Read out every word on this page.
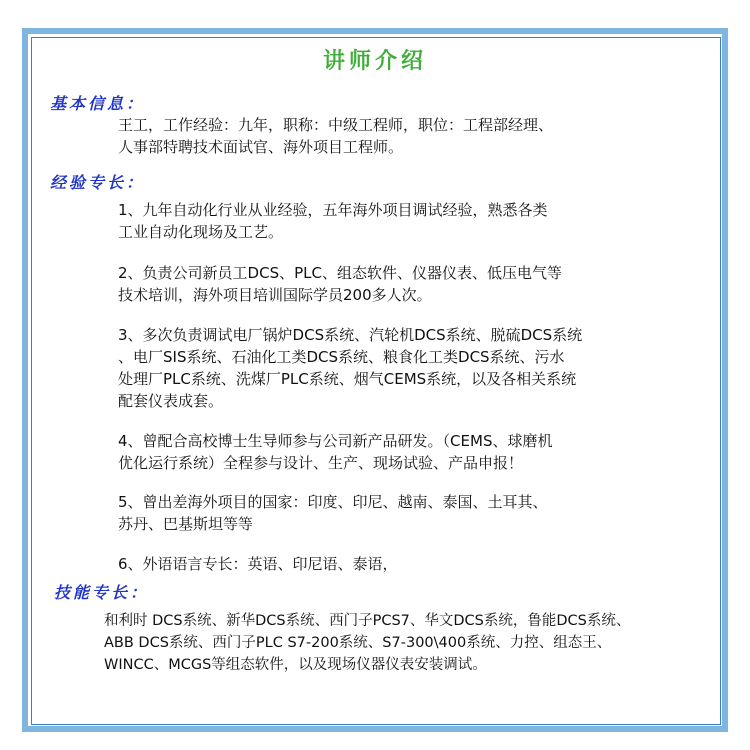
讲师介绍
基本信息：
王工，工作经验：九年，职称：中级工程师，职位：工程部经理、
人事部特聘技术面试官、海外项目工程师。
经验专长：
1、九年自动化行业从业经验，五年海外项目调试经验，熟悉各类
工业自动化现场及工艺。
2、负责公司新员工DCS、PLC、组态软件、仪器仪表、低压电气等
技术培训，海外项目培训国际学员200多人次。
3、多次负责调试电厂锅炉DCS系统、汽轮机DCS系统、脱硫DCS系统
、电厂SIS系统、石油化工类DCS系统、粮食化工类DCS系统、污水
处理厂PLC系统、洗煤厂PLC系统、烟气CEMS系统，以及各相关系统
配套仪表成套。
4、曾配合高校博士生导师参与公司新产品研发。（CEMS、球磨机
优化运行系统）全程参与设计、生产、现场试验、产品申报！
5、曾出差海外项目的国家：印度、印尼、越南、泰国、土耳其、
苏丹、巴基斯坦等等
6、外语语言专长：英语、印尼语、泰语，
技能专长：
和利时 DCS系统、新华DCS系统、西门子PCS7、华文DCS系统，鲁能DCS系统、
ABB DCS系统、西门子PLC S7-200系统、S7-300\400系统、力控、组态王、
WINCC、MCGS等组态软件，以及现场仪器仪表安装调试。
